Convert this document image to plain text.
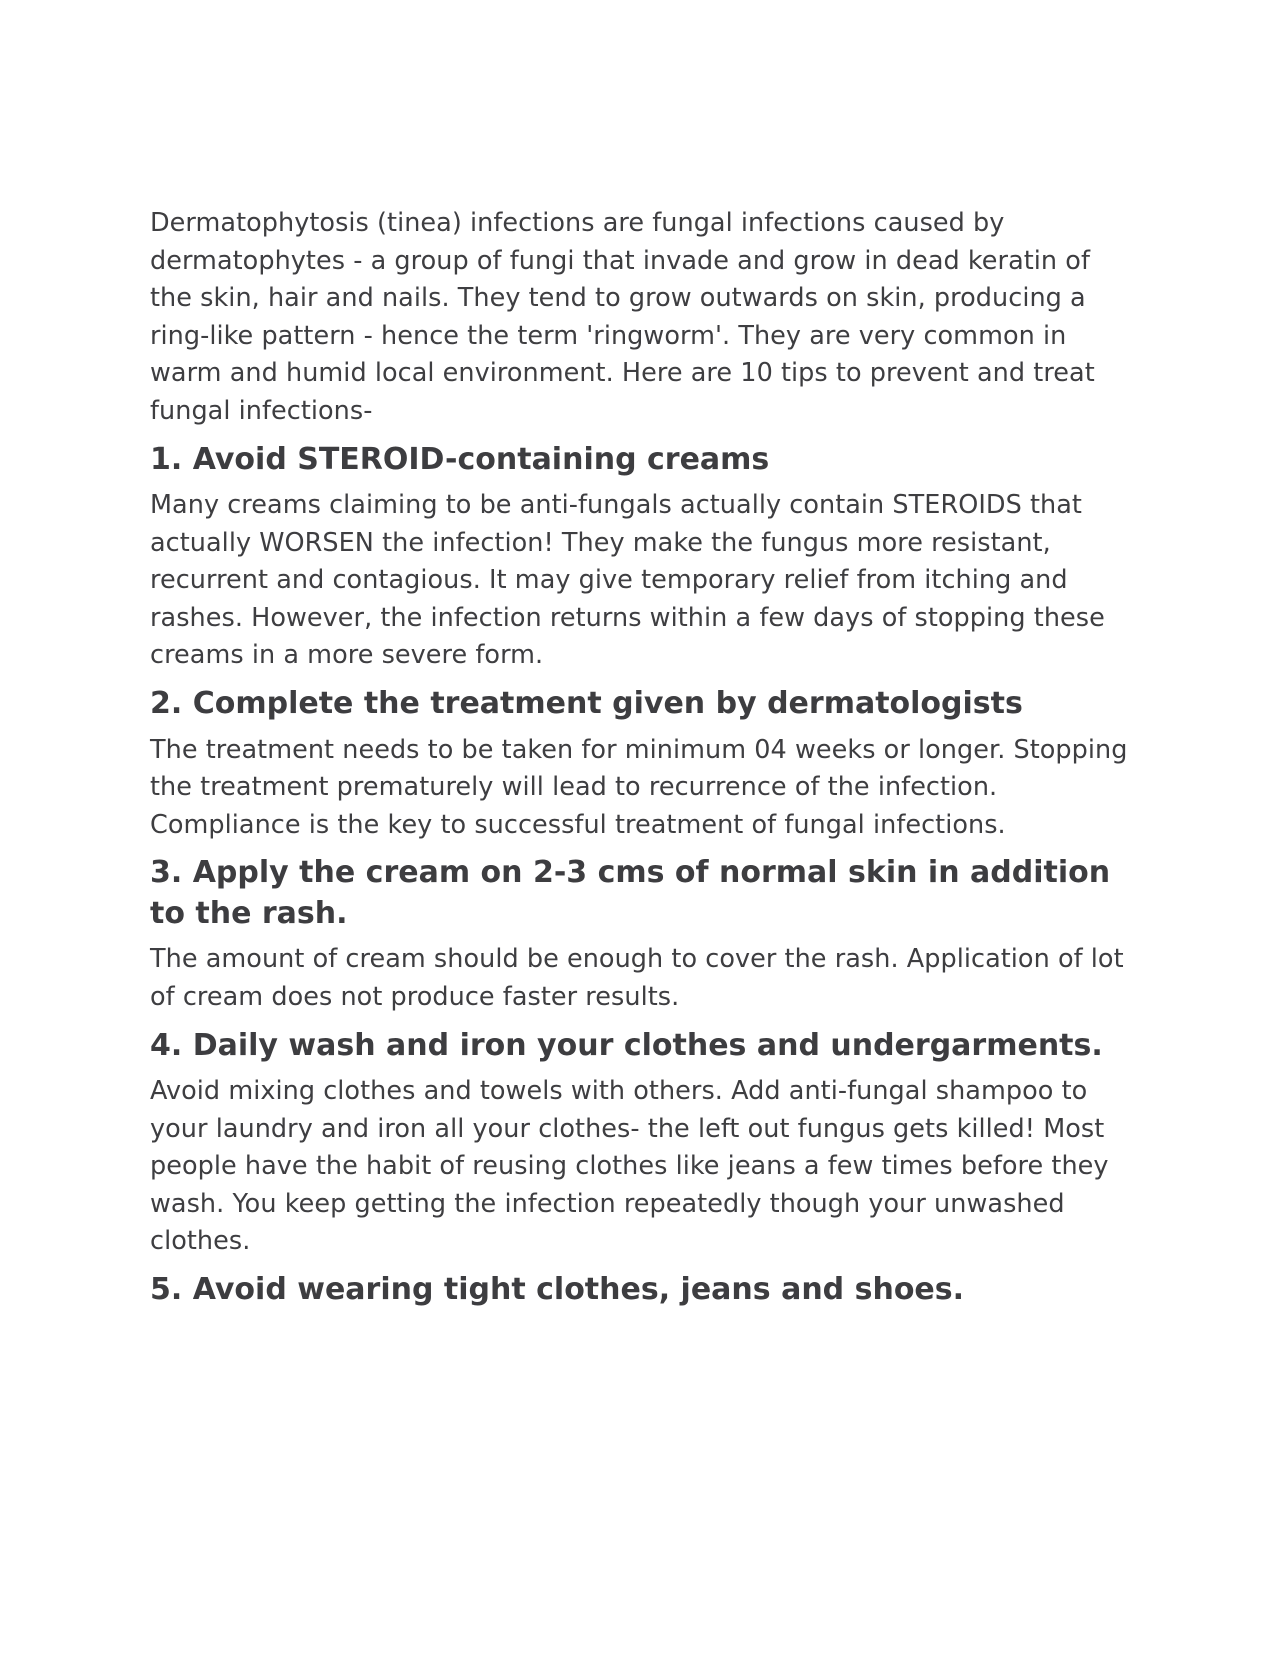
Dermatophytosis (tinea) infections are fungal infections caused by dermatophytes - a group of fungi that invade and grow in dead keratin of the skin, hair and nails. They tend to grow outwards on skin, producing a ring-like pattern - hence the term 'ringworm'. They are very common in warm and humid local environment. Here are 10 tips to prevent and treat fungal infections-

1. Avoid STEROID-containing creams

Many creams claiming to be anti-fungals actually contain STEROIDS that actually WORSEN the infection! They make the fungus more resistant, recurrent and contagious. It may give temporary relief from itching and rashes. However, the infection returns within a few days of stopping these creams in a more severe form.

2. Complete the treatment given by dermatologists

The treatment needs to be taken for minimum 04 weeks or longer. Stopping the treatment prematurely will lead to recurrence of the infection. Compliance is the key to successful treatment of fungal infections.

3. Apply the cream on 2-3 cms of normal skin in addition to the rash.

The amount of cream should be enough to cover the rash. Application of lot of cream does not produce faster results.

4. Daily wash and iron your clothes and undergarments.

Avoid mixing clothes and towels with others. Add anti-fungal shampoo to your laundry and iron all your clothes- the left out fungus gets killed! Most people have the habit of reusing clothes like jeans a few times before they wash. You keep getting the infection repeatedly though your unwashed clothes.

5. Avoid wearing tight clothes, jeans and shoes.
